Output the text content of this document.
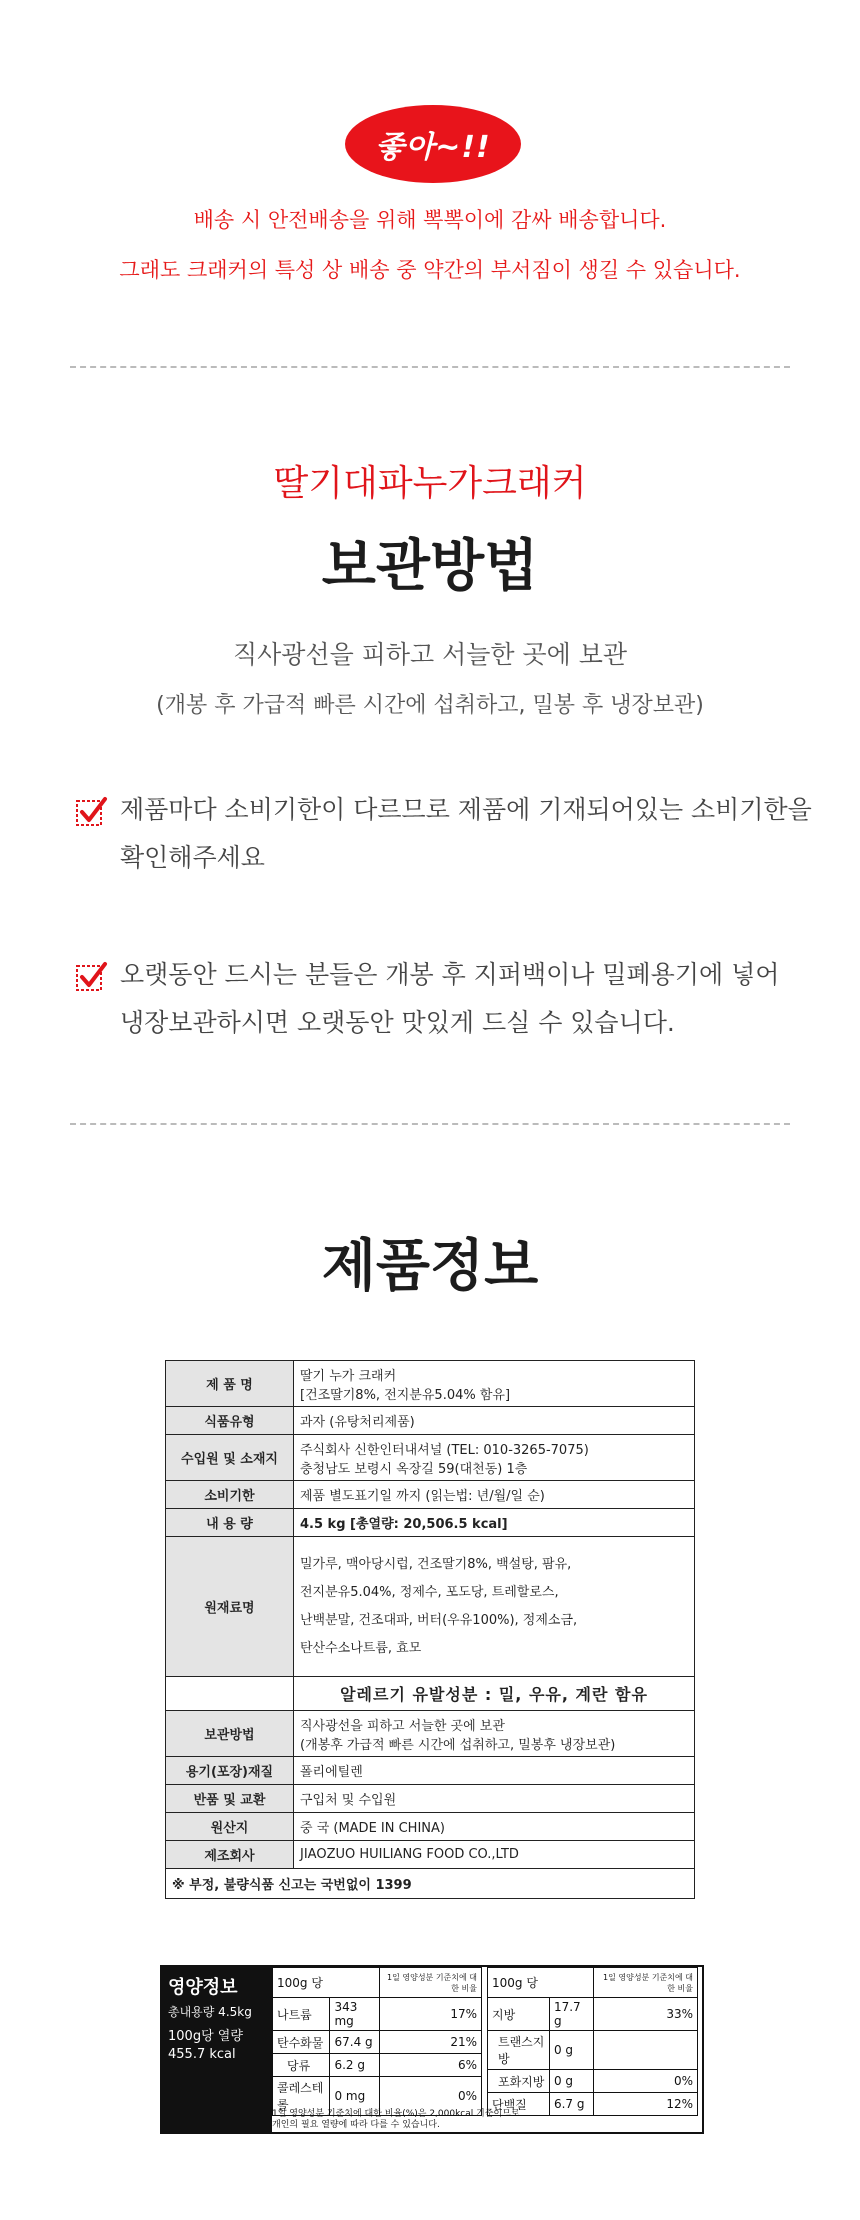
좋아~!!
배송 시 안전배송을 위해 뽁뽁이에 감싸 배송합니다.
그래도 크래커의 특성 상 배송 중 약간의 부서짐이 생길 수 있습니다.
딸기대파누가크래커
보관방법
직사광선을 피하고 서늘한 곳에 보관
(개봉 후 가급적 빠른 시간에 섭취하고, 밀봉 후 냉장보관)
제품마다 소비기한이 다르므로 제품에 기재되어있는 소비기한을
확인해주세요
오랫동안 드시는 분들은 개봉 후 지퍼백이나 밀폐용기에 넣어
냉장보관하시면 오랫동안 맛있게 드실 수 있습니다.
제품정보
제 품 명	딸기 누가 크래커
[건조딸기8%, 전지분유5.04% 함유]

식품유형	과자 (유탕처리제품)
수입원 및 소재지	주식회사 신한인터내셔널 (TEL: 010-3265-7075)
충청남도 보령시 옥장길 59(대천동) 1층

소비기한	제품 별도표기일 까지 (읽는법: 년/월/일 순)
내 용 량	4.5 kg [총열량: 20,506.5 kcal]
원재료명	밀가루, 맥아당시럽, 건조딸기8%, 백설탕, 팜유,
전지분유5.04%, 정제수, 포도당, 트레할로스,
난백분말, 건조대파, 버터(우유100%), 정제소금,
탄산수소나트륨, 효모

	알레르기 유발성분 : 밀, 우유, 계란 함유
보관방법	직사광선을 피하고 서늘한 곳에 보관
(개봉후 가급적 빠른 시간에 섭취하고, 밀봉후 냉장보관)

용기(포장)재질	폴리에틸렌
반품 및 교환	구입처 및 수입원
원산지	중 국 (MADE IN CHINA)
제조회사	JIAOZUO HUILIANG FOOD CO.,LTD
※ 부정, 불량식품 신고는 국번없이 1399	
영양정보
총내용량 4.5kg
100g당 열량
455.7 kcal
100g 당		1일 영양성분 기준치에 대한 비율
나트륨	343 mg	17%
탄수화물	67.4 g	21%
당류	6.2 g	6%
콜레스테롤	0 mg	0%
100g 당		1일 영양성분 기준치에 대한 비율
지방	17.7 g	33%
트랜스지방	0 g	
포화지방	0 g	0%
단백질	6.7 g	12%
1일 영양성분 기준치에 대한 비율(%)은 2,000kcal 기준이므로
개인의 필요 열량에 따라 다를 수 있습니다.
